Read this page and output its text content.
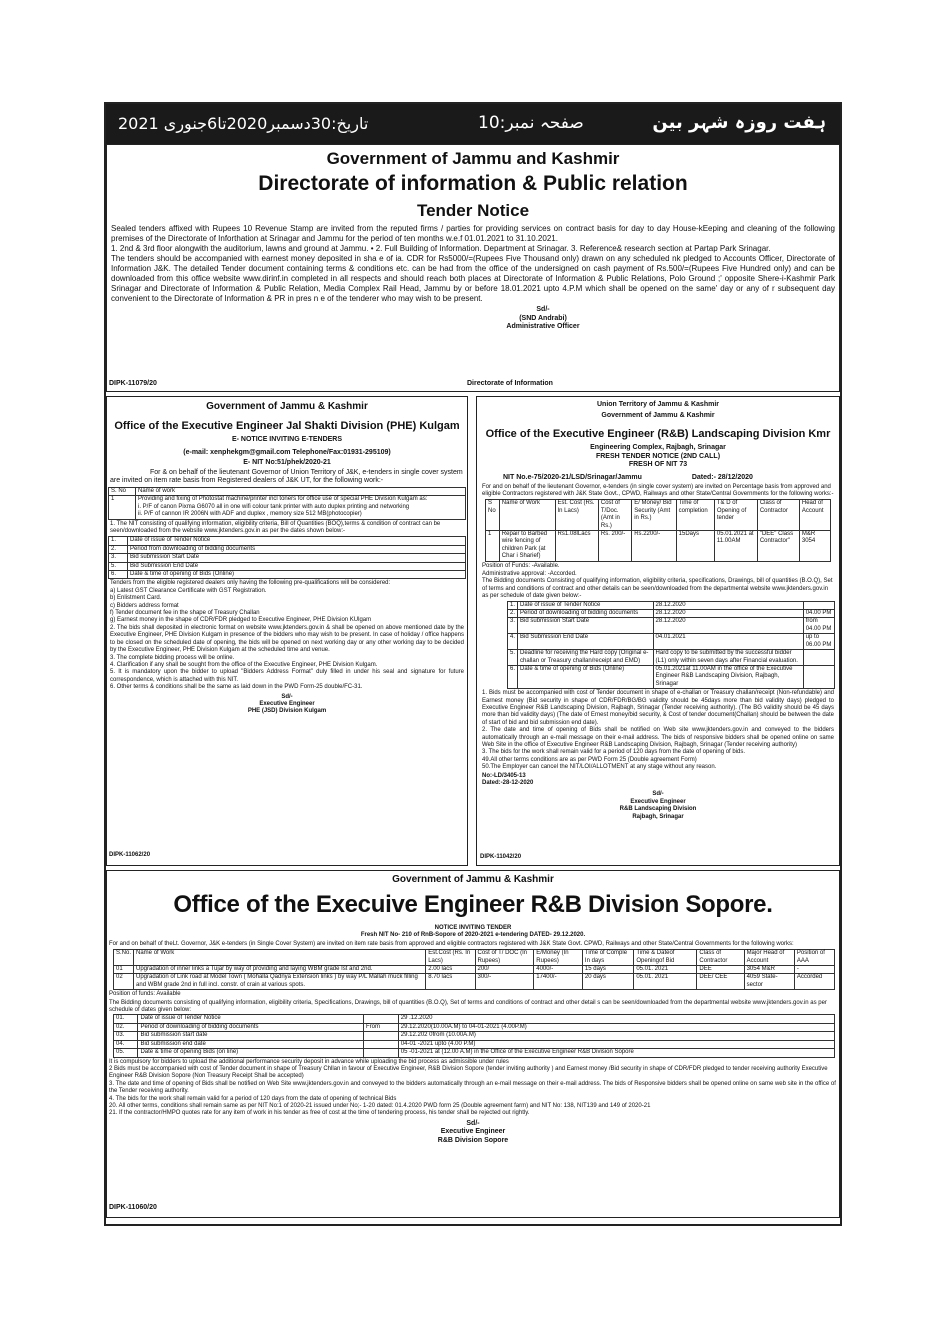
تاریخ:30دسمبر2020تا6جنوری 2021	صفحہ نمبر:10	ہفت روزہ شہر بین
Government of Jammu and Kashmir
Directorate of information & Public relation
Tender Notice

Sealed tenders affixed with Rupees 10 Revenue Stamp are invited from the reputed firms / parties for providing services on contract basis for day to day House-kEeping and cleaning of the following premises of the Directorate of Inforthation at Srinagar and Jammu for the period of ten months w.e.f 01.01.2021 to 31.10.2021.

1. 2nd & 3rd floor alongwith the auditorium, lawns and ground at Jammu. • 2. Full Building of Information. Department at Srinagar. 3. Reference& research section at Partap Park Srinagar.

The tenders should be accompanied with earnest money deposited in sha e of ia. CDR for Rs5000/=(Rupees Five Thousand only) drawn on any scheduled nk pledged to Accounts Officer, Directorate of Information J&K. The detailed Tender document containing terms & conditions etc. can be had from the office of the undersigned on cash payment of Rs.500/=(Rupees Five Hundred only) and can be downloaded from this office website www.dirinf.in completed in all respects and should reach both places at Directorate of Information & Public Relations, Polo Ground ;' opposite Shere-i-Kashmir Park Srinagar and Directorate of Information & Public Relation, Media Complex Rail Head, Jammu by or before 18.01.2021 upto 4.P.M which shall be opened on the same' day or any of r subsequent day convenient to the Directorate of Information & PR in pres n e of the tenderer who may wish to be present.

Sd/-
(SND Andrabi)
Administrative Officer
DIPK-11079/20	Directorate of Information
Government of Jammu & Kashmir
Office of the Executive Engineer Jal Shakti Division (PHE) Kulgam
E- NOTICE INVITING E-TENDERS
(e-mail: xenphekgm@gmail.com Telephone/Fax:01931-295109)
E- NIT No:51/phek/2020-21
For & on behalf of the lieutenant Governor of Union Territory of J&K, e-tenders in single cover system are invited on item rate basis from Registered dealers of J&K UT, for the following work:-
S. No	Name of work
1	Providing and fixing of Photostat machine/printer incl toners for office use of special PHE Division Kulgam as:

i. P/F of canon Pixma G6070 all in one wifi colour tank printer with auto duplex printing and networking

ii. P/F of cannon IR 2006N with ADF and duplex , memory size 512 MB(photocopier)

1. The NIT consisting of qualifying information, eligibility criteria, Bill of Quantities (BOQ),terms & condition of contract can be seen/downloaded from the website www.jktenders.gov.in as per the dates shown below:-
1.	Date of issue of Tender Notice
2.	Period from downloading of bidding documents
3.	Bid submission Start Date
5.	Bid Submission End Date
6.	Date & time of opening of Bids (Online)

Tenders from the eligible registered dealers only having the following pre-qualifications will be considered:

a) Latest GST Clearance Certificate with GST Registration.

b) Enlistment Card.

c) Bidders address format

f) Tender document fee in the shape of Treasury Challan

g) Earnest money in the shape of CDR/FDR pledged to Executive Engineer, PHE Division KUlgam

2. The bids shall deposited in electronic format on website www.jktenders.gov.in & shall be opened on above mentioned date by the Executive Engineer, PHE Division Kulgam in presence of the bidders who may wish to be present. In case of holiday / office happens to be closed on the scheduled date of opening, the bids will be opened on next working day or any other working day to be decided by the Executive Engineer, PHE Division Kulgam at the scheduled time and venue.

3. The complete bidding process will be online.

4. Clarification if any shall be sought from the office of the Executive Engineer, PHE Division Kulgam.

5. It is mandatory upon the bidder to upload "Bidders Address Format" duly filled in under his seal and signature for future correspondence, which is attached with this NIT.

6. Other terms & conditions shall be the same as laid down in the PWD Form-25 double/FC-31.

Sd/-
Executive Engineer
PHE (JSD) Division Kulgam
DIPK-11062/20
Union Territory of Jammu & Kashmir
Government of Jammu & Kashmir
Office of the Executive Engineer (R&B) Landscaping Division Kmr
Engineering Complex, Rajbagh, Srinagar
FRESH TENDER NOTICE (2ND CALL)
FRESH OF NIT 73
NIT No.e-75/2020-21/LSD/Srinagar/Jammu	Dated:- 28/12/2020
For and on behalf of the lieutenant Governor, e-tenders (in single cover system) are invited on Percentage basis from approved and eligible Contractors registered with J&K State Govt., CPWD, Railways and other State/Central Governments for the following works:-
S No	Name of Work	Est. Cost (Rs. In Lacs)	Cost of T/Doc. (Amt in Rs.)	E/ Money/ Bid Security (Amt in Rs.)	Time of completion	T& D of Opening of tender	Class of Contractor	Head of Account
1	Repair to Barbed wire fencing of children Park (at Char i Sharief)	Rs1.08lLacs	Rs. 200/-	Rs.2200/-	15Days	05.01.2021 at 11.00AM	"DEE" Class Contractor"	M&R 3054
Position of Funds: -Available.
Administrative approval: -Accorded.
The Bidding documents Consisting of qualifying information, eligibility criteria, specifications, Drawings, bill of quantities (B.O.Q), Set of terms and conditions of contract and other details can be seen/downloaded from the departmental website www.jktenders.gov.in as per schedule of date given below:-
1.	Date of issue of Tender Notice	28.12.2020	
2.	Period of downloading of bidding documents	28.12.2020	04.00 PM
3.	Bid submission Start Date	28.12.2020	from 04.00 PM
4.	Bid Submission End Date	04.01.2021	up to 06.00 PM
5.	Deadline for receiving the Hard copy (Original e-challan or Treasury challan/receipt and EMD)	Hard copy to be submitted by the successful bidder (L1) only within seven days after Financial evaluation.	
6.	Date & time of opening of Bids (Online)	05.01.2021at 11.00AM in the office of the Executive Engineer R&B Landscaping Division, Rajbagh, Srinagar	

1. Bids must be accompanied with cost of Tender document in shape of e-challan or Treasury challan/receipt (Non-refundable) and Earnest money (Bid security in shape of CDR/FDR/BG/BG validity should be 45days more than bid validity days) pledged to Executive Engineer R&B Landscaping Division, Rajbagh, Srinagar (Tender receiving authority). (The BG validity should be 45 days more than bid validity days) (The date of Ernest money/bid security, & Cost of tender document(Challan) should be between the date of start of bid and bid submission end date).

2. The date and time of opening of Bids shall be notified on Web site www.jktenders.gov.in and conveyed to the bidders automatically through an e-mail message on their e-mail address. The bids of responsive bidders shall be opened online on same Web Site in the office of Executive Engineer R&B Landscaping Division, Rajbagh, Srinagar (Tender receiving authority)

3. The bids for the work shall remain valid for a period of 120 days from the date of opening of bids.

49.All other terms conditions are as per PWD Form 25 (Double agreement Form)

50.The Employer can cancel the NIT/LOI/ALLOTMENT at any stage without any reason.

No:-LD/3405-13
Dated:-28-12-2020
Sd/-
Executive Engineer
R&B Landscaping Division
Rajbagh, Srinagar
DIPK-11042/20
Government of Jammu & Kashmir
Office of the Execuive Engineer R&B Division Sopore.
NOTICE INVITING TENDER
Fresh NIT No- 210 of RnB-Sopore of 2020-2021 e-tendering DATED- 29.12.2020.
For and on behalf of theLt. Governor, J&K e-tenders (in Single Cover System) are invited on item rate basis from approved and eligible contractors registered with J&K State Govt. CPWD, Railways and other State/Central Governments for the following works:
S.No.	Name of Work	Est.Cost (Rs. In Lacs)	Cost of T/ DOC (In Rupees)	E/Money (In Rupees)	Time of Comple In days	Time & Dateof Openingof Bid	Class of Contractor	Major Head of Account	Position of AAA
01	Upgradation of inner links a Tujar by way of providing and laying WBM grade Ist and 2nd.	2.00 lacs	200/	4000/-	15 days	05.01. 2021	DEE	3054 M&R	-
02	Upgradation of Link road at Model Town ( Mohalla Qadnya Extension links ) by way P/L Mallah muck filling and WBM grade 2nd in full incl. constr. of crain at various spots.	8.70 lacs	300/-	17400/-	20 days	05.01. 2021	DEE/ CEE	4059 State-sector	Accorded
Position of funds: Available
The Bidding documents consisting of qualifying information, eligibility criteria, Specifications, Drawings, bill of quantities (B.O.Q), Set of terms and conditions of contract and other detail s can be seen/downloaded from the departmental website www.jktenders.gov.in as per schedule of dates given below:
01.	Date of issue of Tender Notice		29 .12.2020
02.	Period of downloading of bidding documents	From	29.12.2020(10.00A.M) to 04-01-2021 (4.00P.M)
03.	Bid submission start date		29.12.202 0from (10.00A.M)
04.	Bid submission end date		04-01 -2021 upto (4.00 P.M)
05.	Date & time of opening Bids (on line)		05 -01-2021 at (12.00 A.M) in the Office of the Executive Engineer R&B Division Sopore

It is compulsory for bidders to upload the additional performance security deposit in advance while uploading the bid process as admissible under rules

2 Bids must be accompanied with cost of Tender document in shape of Treasury Chllan in favour of Executive Engineer, R&B Division Sopore (tender inviting authority ) and Earnest money /Bid security in shape of CDR/FDR pledged to tender receiving authority Executive Engineer R&B Division Sopore (Non Treasury Receipt Shall be accepted)

3. The date and time of opening of Bids shall be notified on Web Site www.jktenders.gov.in and conveyed to the bidders automatically through an e-mail message on their e-mail address. The bids of Responsive bidders shall be opened online on same web site in the office of the Tender receiving authority.

4. The bids for the work shall remain valid for a period of 120 days from the date of opening of technical Bids

20. All other terms, conditions shall remain same as per NIT No:1 of 2020-21 issued under No;- 1-20 dated: 01.4.2020 PWD form 25 (Double agreement farm) and NIT No: 138, NIT139 and 149 of 2020-21

21. If the contractor/HMPO quotes rate for any item of work in his tender as free of cost at the time of tendering process, his tender shall be rejected out rightly.

Sd/-
Executive Engineer
R&B Division Sopore
DIPK-11060/20
